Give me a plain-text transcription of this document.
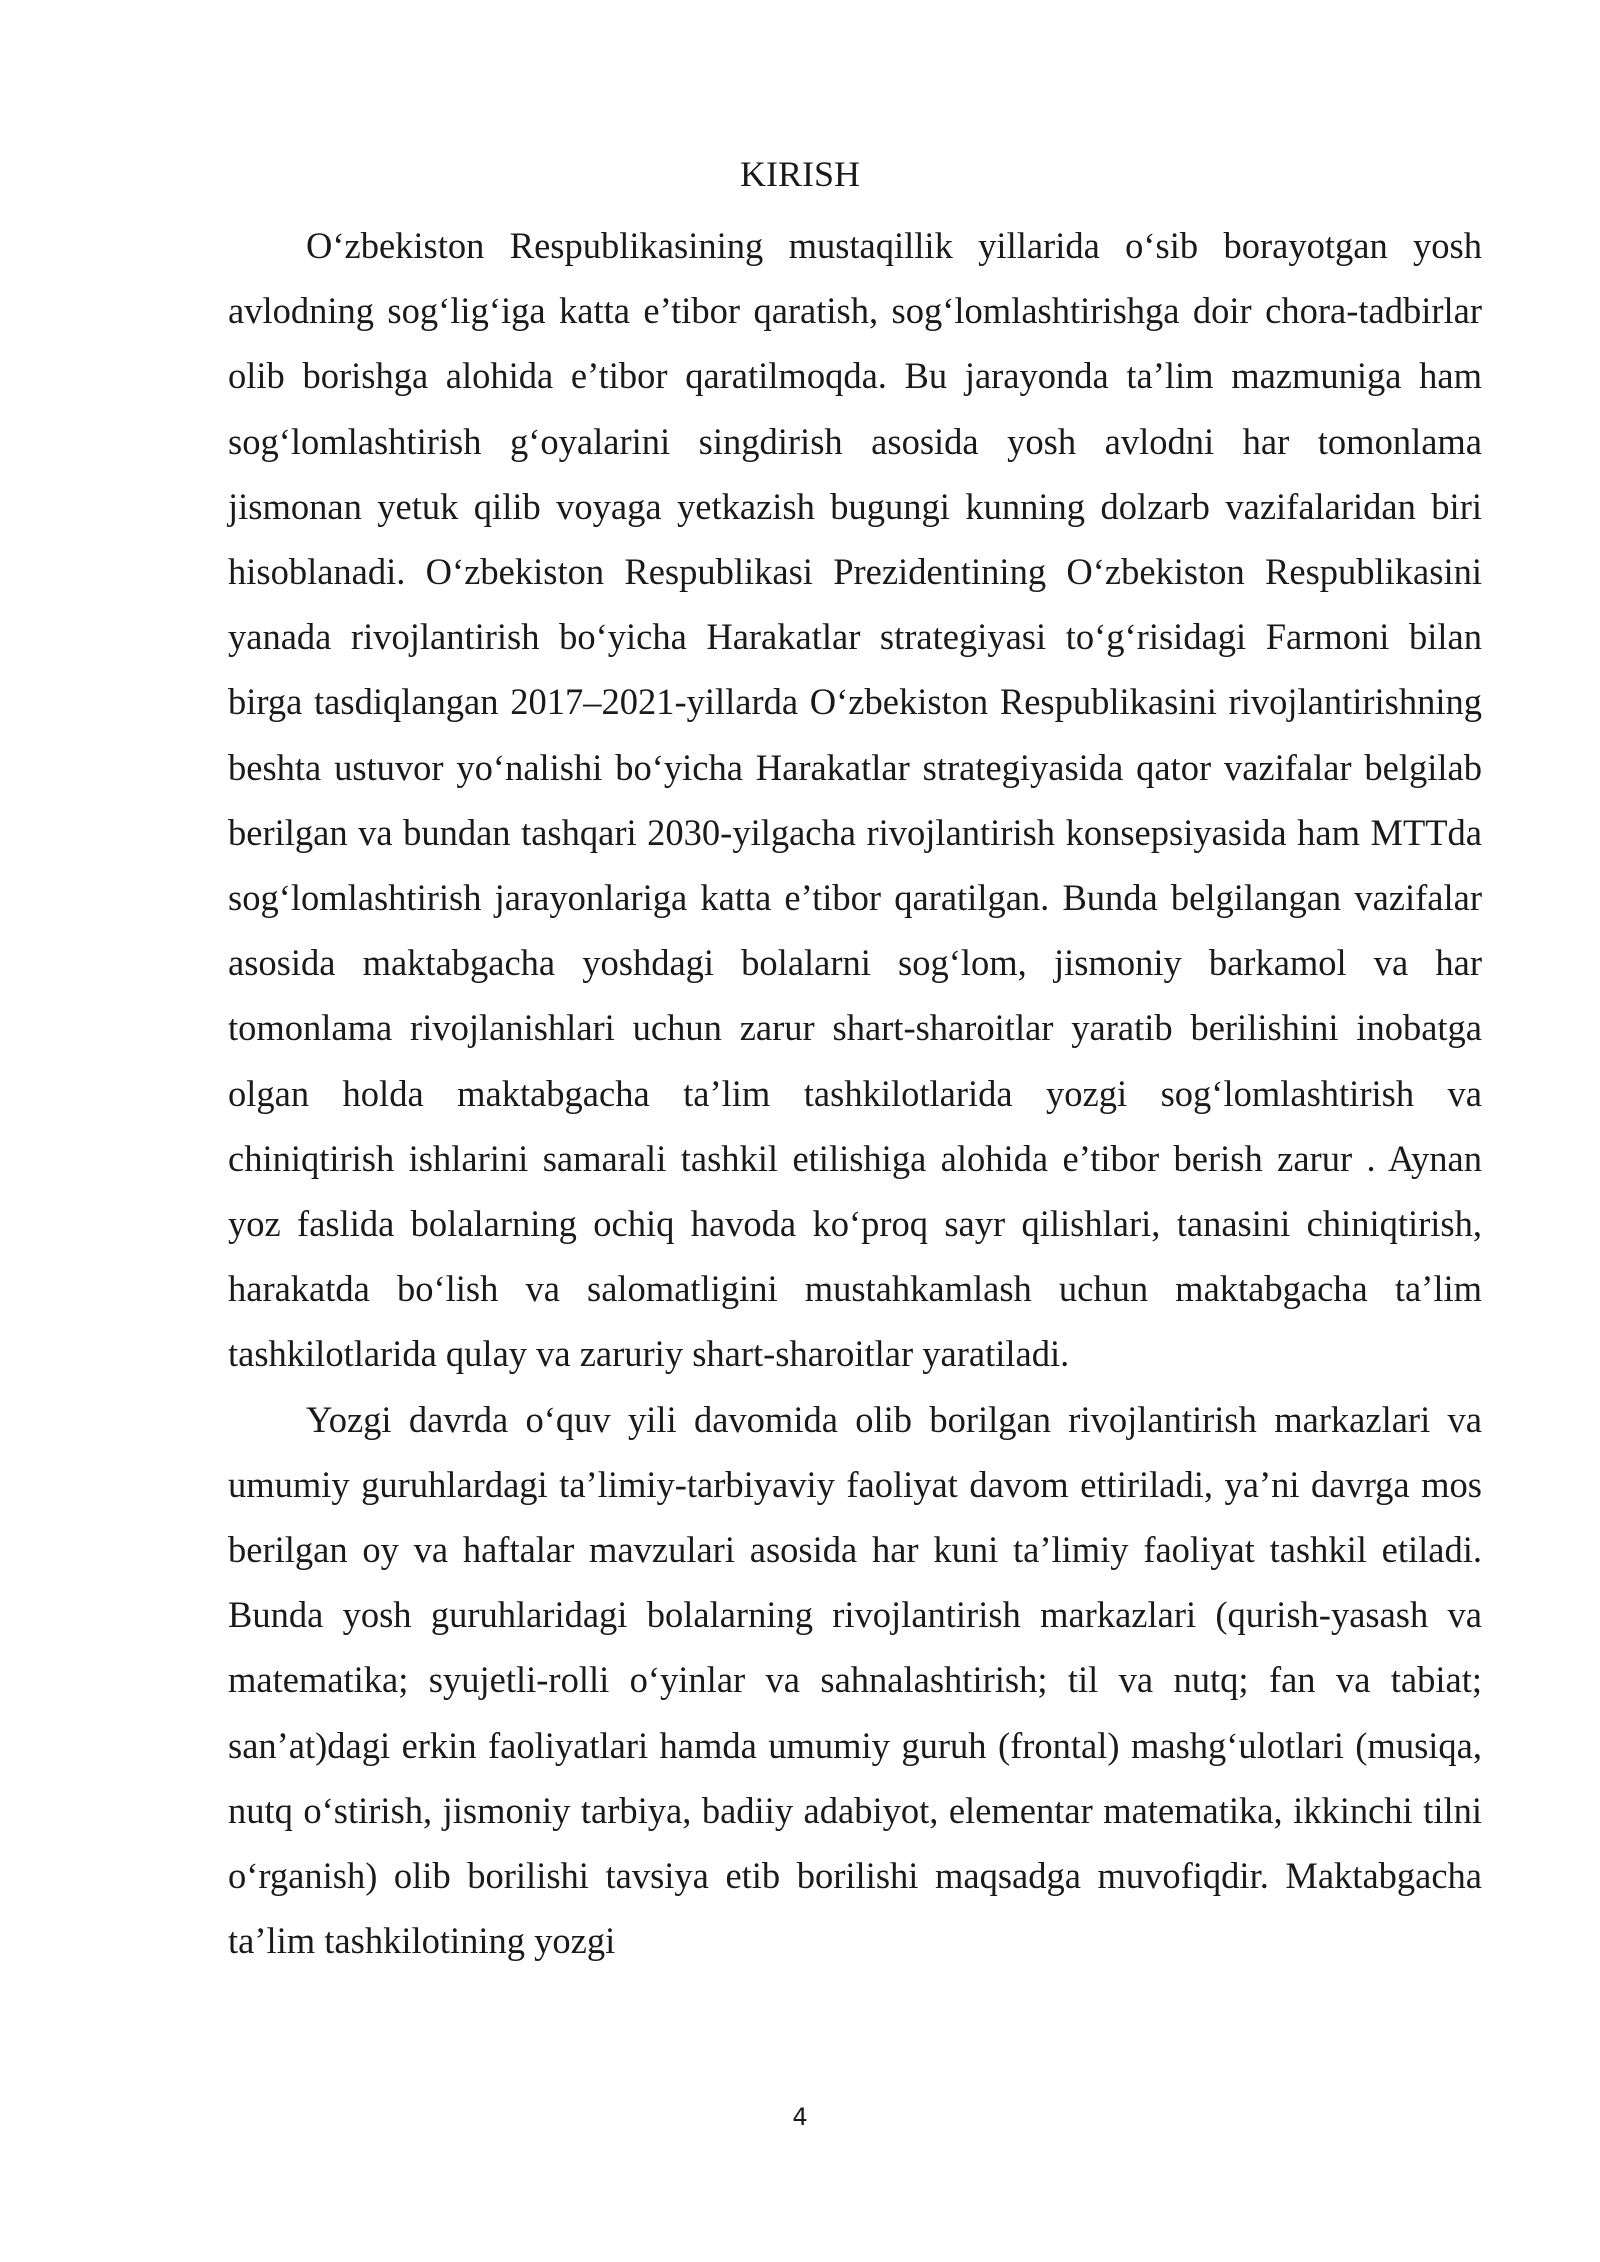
KIRISH

O‘zbekiston Respublikasining mustaqillik yillarida o‘sib borayotgan yosh avlodning sog‘lig‘iga katta e’tibor qaratish, sog‘lomlashtirishga doir chora-tadbirlar olib borishga alohida e’tibor qaratilmoqda. Bu jarayonda ta’lim mazmuniga ham sog‘lomlashtirish g‘oyalarini singdirish asosida yosh avlodni har tomonlama jismonan yetuk qilib voyaga yetkazish bugungi kunning dolzarb vazifalaridan biri hisoblanadi. O‘zbekiston Respublikasi Prezidentining O‘zbekiston Respublikasini yanada rivojlantirish bo‘yicha Harakatlar strategiyasi to‘g‘risidagi Farmoni bilan birga tasdiqlangan 2017–2021-yillarda O‘zbekiston Respublikasini rivojlantirishning beshta ustuvor yo‘nalishi bo‘yicha Harakatlar strategiyasida qator vazifalar belgilab berilgan va bundan tashqari 2030-yilgacha rivojlantirish konsepsiyasida ham MTTda sog‘lomlashtirish jarayonlariga katta e’tibor qaratilgan. Bunda belgilangan vazifalar asosida maktabgacha yoshdagi bolalarni sog‘lom, jismoniy barkamol va har tomonlama rivojlanishlari uchun zarur shart-sharoitlar yaratib berilishini inobatga olgan holda maktabgacha ta’lim tashkilotlarida yozgi sog‘lomlashtirish va chiniqtirish ishlarini samarali tashkil etilishiga alohida e’tibor berish zarur . Aynan yoz faslida bolalarning ochiq havoda ko‘proq sayr qilishlari, tanasini chiniqtirish, harakatda bo‘lish va salomatligini mustahkamlash uchun maktabgacha ta’lim tashkilotlarida qulay va zaruriy shart-sharoitlar yaratiladi.

Yozgi davrda o‘quv yili davomida olib borilgan rivojlantirish markazlari va umumiy guruhlardagi ta’limiy-tarbiyaviy faoliyat davom ettiriladi, ya’ni davrga mos berilgan oy va haftalar mavzulari asosida har kuni ta’limiy faoliyat tashkil etiladi. Bunda yosh guruhlaridagi bolalarning rivojlantirish markazlari (qurish-yasash va matematika; syujetli-rolli o‘yinlar va sahnalashtirish; til va nutq; fan va tabiat; san’at)dagi erkin faoliyatlari hamda umumiy guruh (frontal) mashg‘ulotlari (musiqa, nutq o‘stirish, jismoniy tarbiya, badiiy adabiyot, elementar matematika, ikkinchi tilni o‘rganish) olib borilishi tavsiya etib borilishi maqsadga muvofiqdir. Maktabgacha ta’lim tashkilotining yozgi

4
